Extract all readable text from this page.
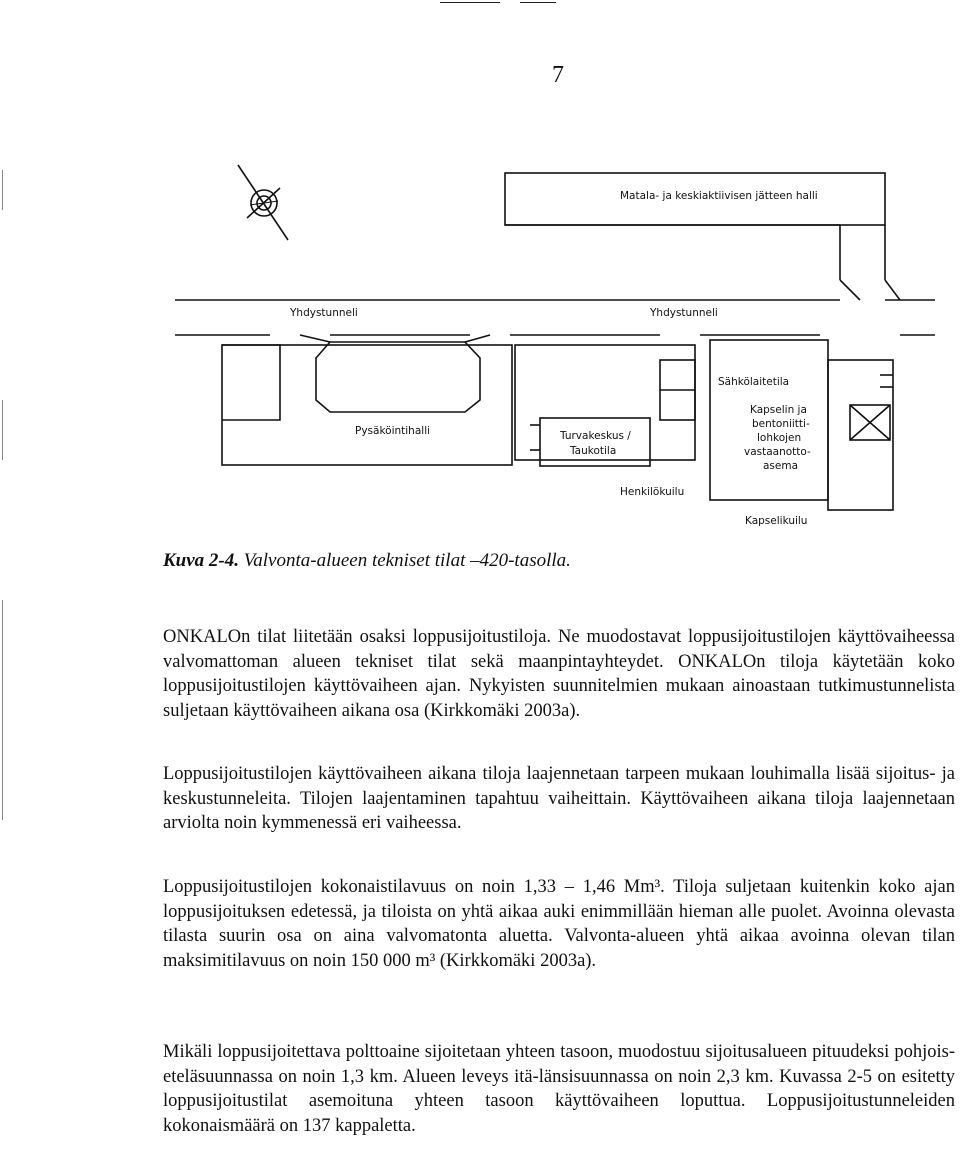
7
Matala- ja keskiaktiivisen jätteen halli
Yhdystunneli	Yhdystunneli
Pysäköintihalli	Turvakeskus /
Taukotila
Henkilökuilu
Sähkölaitetila
Kapselin ja
bentoniitti-
lohkojen
vastaanotto-
asema
Kapselikuilu
Kuva 2-4. Valvonta-alueen tekniset tilat –420-tasolla.

ONKALOn tilat liitetään osaksi loppusijoitustiloja. Ne muodostavat loppusijoitustilojen käyttövaiheessa valvomattoman alueen tekniset tilat sekä maanpintayhteydet. ONKALOn tiloja käytetään koko loppusijoitustilojen käyttövaiheen ajan. Nykyisten suunnitelmien mukaan ainoastaan tutkimustunnelista suljetaan käyttövaiheen aikana osa (Kirkkomäki 2003a).

Loppusijoitustilojen käyttövaiheen aikana tiloja laajennetaan tarpeen mukaan louhimalla lisää sijoitus- ja keskustunneleita. Tilojen laajentaminen tapahtuu vaiheittain. Käyttövaiheen aikana tiloja laajennetaan arviolta noin kymmenessä eri vaiheessa.

Loppusijoitustilojen kokonaistilavuus on noin 1,33 – 1,46 Mm³. Tiloja suljetaan kuitenkin koko ajan loppusijoituksen edetessä, ja tiloista on yhtä aikaa auki enimmillään hieman alle puolet. Avoinna olevasta tilasta suurin osa on aina valvomatonta aluetta. Valvonta-alueen yhtä aikaa avoinna olevan tilan maksimitilavuus on noin 150 000 m³ (Kirkkomäki 2003a).

Mikäli loppusijoitettava polttoaine sijoitetaan yhteen tasoon, muodostuu sijoitusalueen pituudeksi pohjois-eteläsuunnassa on noin 1,3 km. Alueen leveys itä-länsisuunnassa on noin 2,3 km. Kuvassa 2-5 on esitetty loppusijoitustilat asemoituna yhteen tasoon käyttövaiheen loputtua. Loppusijoitustunneleiden kokonaismäärä on 137 kappaletta.
